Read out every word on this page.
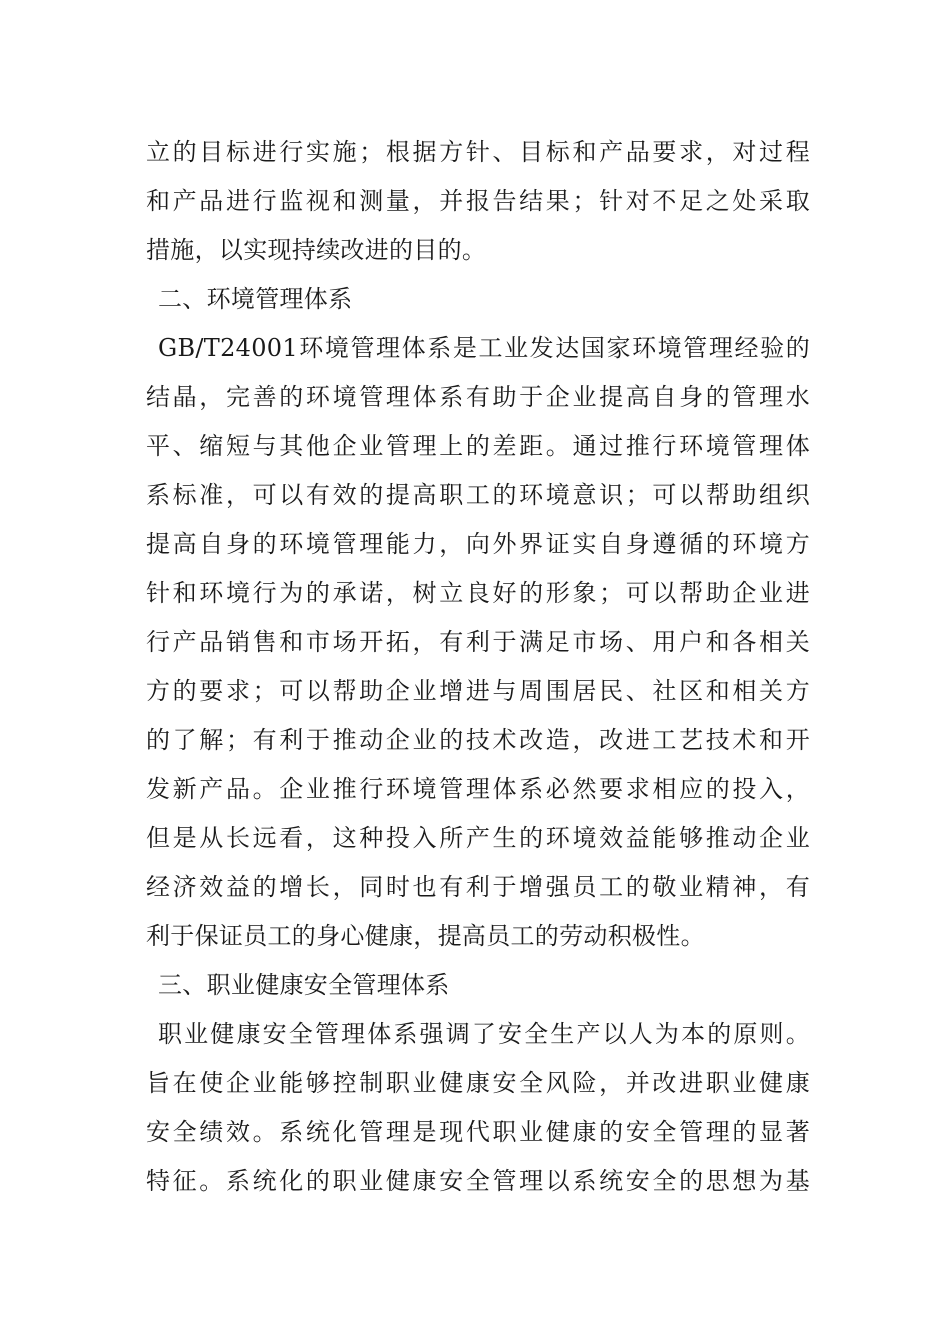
立的目标进行实施；根据方针、目标和产品要求，对过程
和产品进行监视和测量，并报告结果；针对不足之处采取
措施，以实现持续改进的目的。
二、环境管理体系
GB/T24001环境管理体系是工业发达国家环境管理经验的
结晶，完善的环境管理体系有助于企业提高自身的管理水
平、缩短与其他企业管理上的差距。通过推行环境管理体
系标准，可以有效的提高职工的环境意识；可以帮助组织
提高自身的环境管理能力，向外界证实自身遵循的环境方
针和环境行为的承诺，树立良好的形象；可以帮助企业进
行产品销售和市场开拓，有利于满足市场、用户和各相关
方的要求；可以帮助企业增进与周围居民、社区和相关方
的了解；有利于推动企业的技术改造，改进工艺技术和开
发新产品。企业推行环境管理体系必然要求相应的投入，
但是从长远看，这种投入所产生的环境效益能够推动企业
经济效益的增长，同时也有利于增强员工的敬业精神，有
利于保证员工的身心健康，提高员工的劳动积极性。
三、职业健康安全管理体系
职业健康安全管理体系强调了安全生产以人为本的原则。
旨在使企业能够控制职业健康安全风险，并改进职业健康
安全绩效。系统化管理是现代职业健康的安全管理的显著
特征。系统化的职业健康安全管理以系统安全的思想为基
